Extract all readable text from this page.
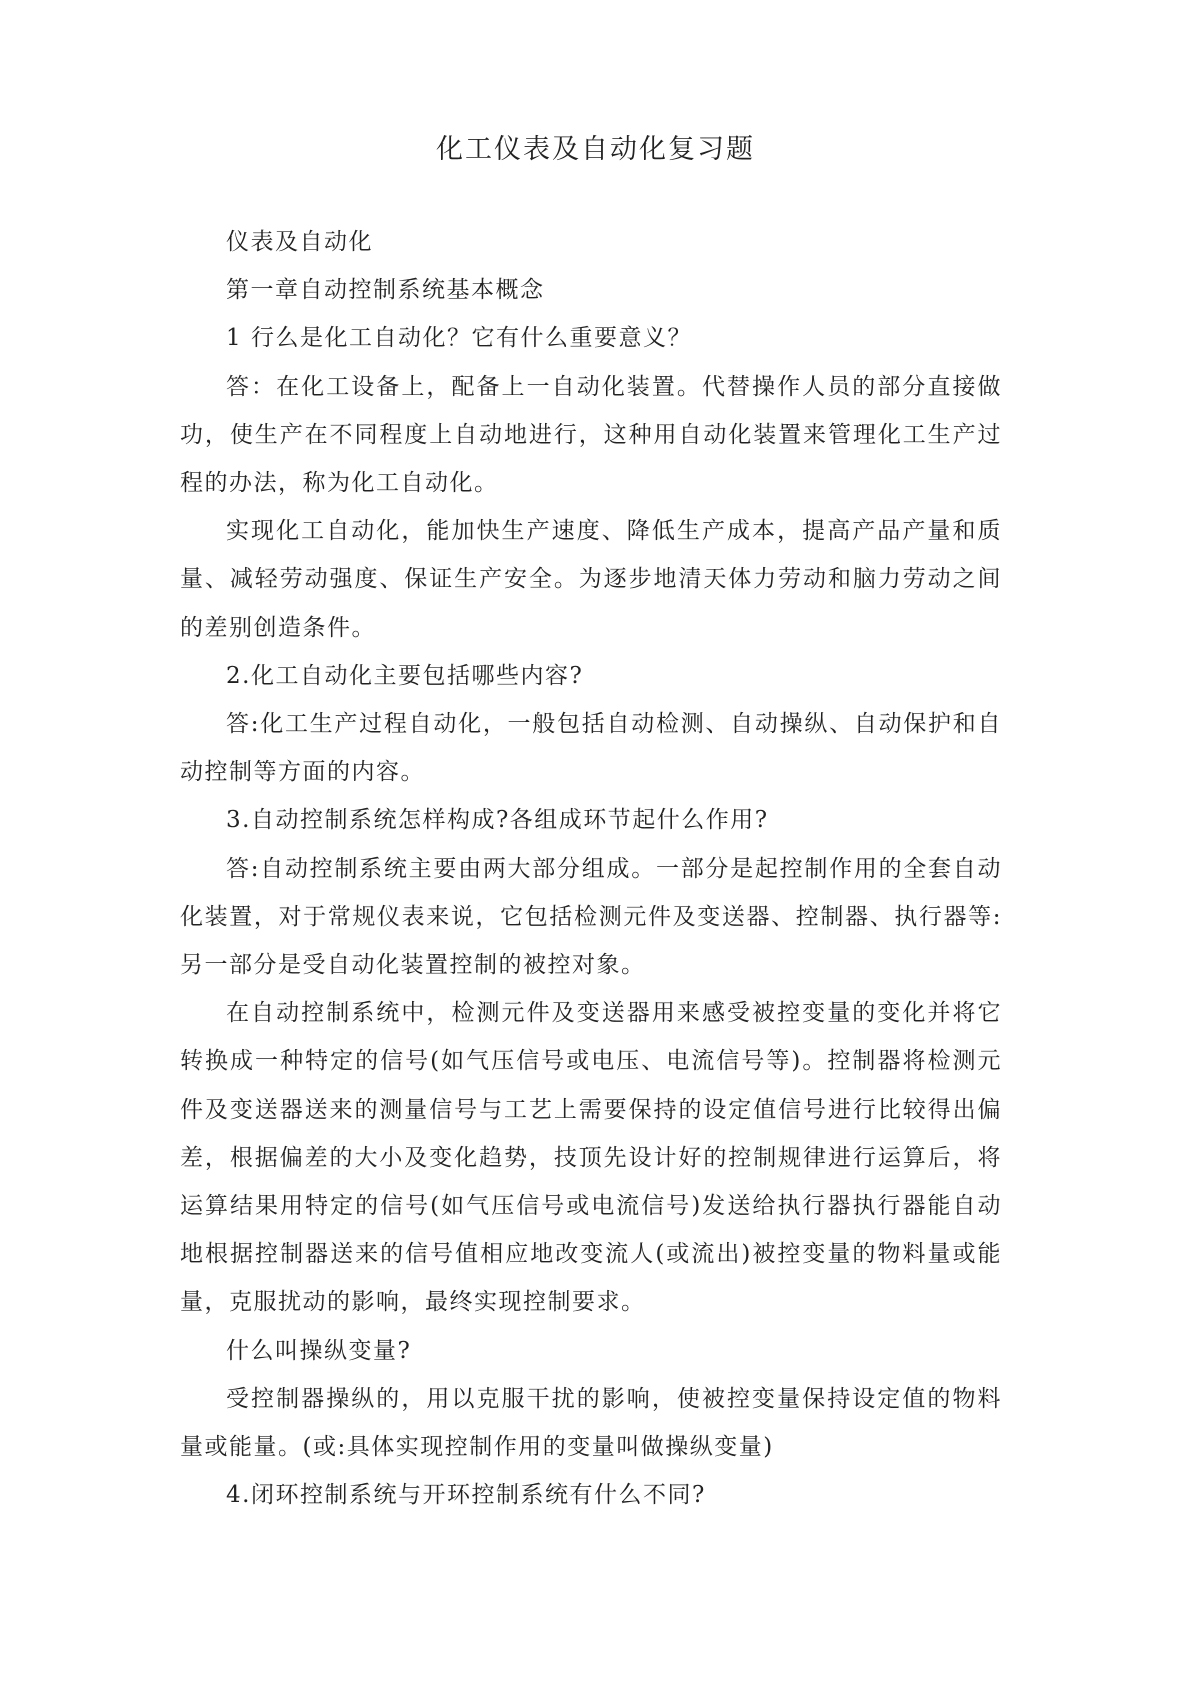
化工仪表及自动化复习题

仪表及自动化

第一章自动控制系统基本概念

1 行么是化工自动化？它有什么重要意义？

答：在化工设备上，配备上一自动化装置。代替操作人员的部分直接做功，使生产在不同程度上自动地进行，这种用自动化装置来管理化工生产过程的办法，称为化工自动化。

实现化工自动化，能加快生产速度、降低生产成本，提高产品产量和质量、减轻劳动强度、保证生产安全。为逐步地清天体力劳动和脑力劳动之间的差别创造条件。

2.化工自动化主要包括哪些内容?

答:化工生产过程自动化，一般包括自动检测、自动操纵、自动保护和自动控制等方面的内容。

3.自动控制系统怎样构成?各组成环节起什么作用?

答:自动控制系统主要由两大部分组成。一部分是起控制作用的全套自动化装置，对于常规仪表来说，它包括检测元件及变送器、控制器、执行器等:另一部分是受自动化装置控制的被控对象。

在自动控制系统中，检测元件及变送器用来感受被控变量的变化并将它转换成一种特定的信号(如气压信号或电压、电流信号等)。控制器将检测元件及变送器送来的测量信号与工艺上需要保持的设定值信号进行比较得出偏差，根据偏差的大小及变化趋势，技顶先设计好的控制规律进行运算后，将运算结果用特定的信号(如气压信号或电流信号)发送给执行器执行器能自动地根据控制器送来的信号值相应地改变流人(或流出)被控变量的物料量或能量，克服扰动的影响，最终实现控制要求。

什么叫操纵变量?

受控制器操纵的，用以克服干扰的影响，使被控变量保持设定值的物料量或能量。(或:具体实现控制作用的变量叫做操纵变量)

4.闭环控制系统与开环控制系统有什么不同?
